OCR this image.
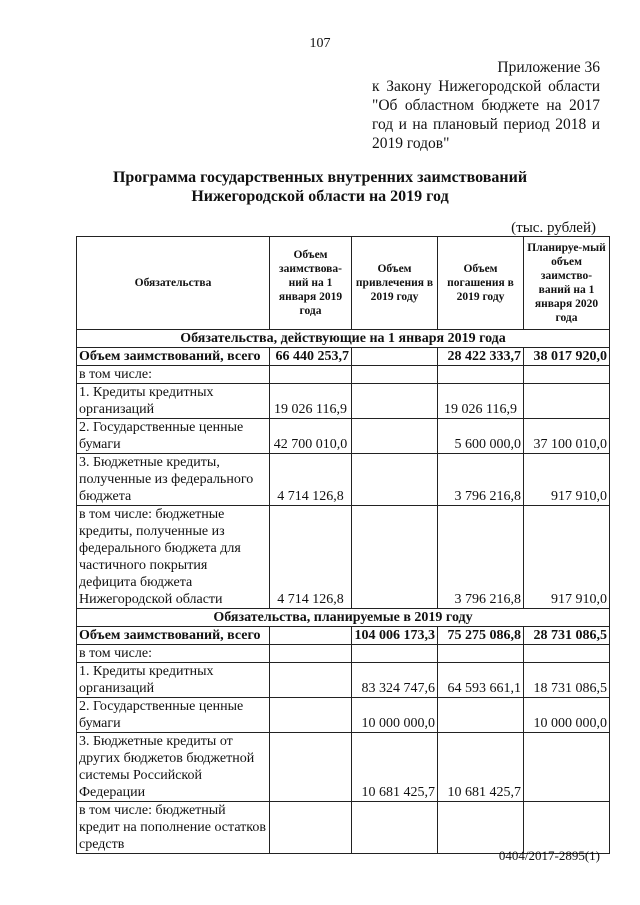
107
Приложение 36
к Закону Нижегородской области
"Об областном бюджете на 2017
год и на плановый период 2018 и
2019 годов"
Программа государственных внутренних заимствований
Нижегородской области на 2019 год
(тыс. рублей)
Обязательства	Объем заимствова-ний на 1 января 2019 года	Объем привлечения в 2019 году	Объем погашения в 2019 году	Планируе-мый объем заимство-ваний на 1 января 2020 года
Обязательства, действующие на 1 января 2019 года				
Объем заимствований, всего	66 440 253,7		28 422 333,7	38 017 920,0
в том числе:				
1. Кредиты кредитных организаций	19 026 116,9		19 026 116,9	
2. Государственные ценные бумаги	42 700 010,0		5 600 000,0	37 100 010,0
3. Бюджетные кредиты, полученные из федерального бюджета	4 714 126,8		3 796 216,8	917 910,0
в том числе: бюджетные кредиты, полученные из федерального бюджета для частичного покрытия дефицита бюджета Нижегородской области	4 714 126,8		3 796 216,8	917 910,0
Обязательства, планируемые в 2019 году				
Объем заимствований, всего		104 006 173,3	75 275 086,8	28 731 086,5
в том числе:				
1. Кредиты кредитных организаций		83 324 747,6	64 593 661,1	18 731 086,5
2. Государственные ценные бумаги		10 000 000,0		10 000 000,0
3. Бюджетные кредиты от других бюджетов бюджетной системы Российской Федерации		10 681 425,7	10 681 425,7	
в том числе: бюджетный кредит на пополнение остатков средств				
0404/2017-2895(1)
